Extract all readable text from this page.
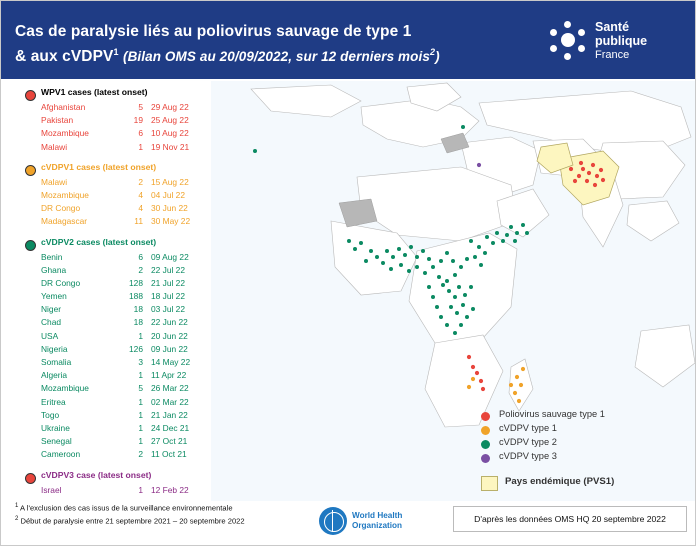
Cas de paralysie liés au poliovirus sauvage de type 1
& aux cVDPV$^1$ (Bilan OMS au 20/09/2022, sur 12 derniers mois$^2$)
Santé
publique
France
WPV1 cases (latest onset)
Afghanistan	5 29 Aug 22
Pakistan	19 25 Aug 22
Mozambique	6 10 Aug 22
Malawi	1 19 Nov 21
cVDPV1 cases (latest onset)
Malawi	2 15 Aug 22
Mozambique	4 04 Jul 22
DR Congo	4 30 Jun 22
Madagascar	11 30 May 22
cVDPV2 cases (latest onset)
Benin	6 09 Aug 22
Ghana	2 22 Jul 22
DR Congo	128 21 Jul 22
Yemen	188 18 Jul 22
Niger	18 03 Jul 22
Chad	18 22 Jun 22
USA	1 20 Jun 22
Nigeria	126 09 Jun 22
Somalia	3 14 May 22
Algeria	1 11 Apr 22
Mozambique	5 26 Mar 22
Eritrea	1 02 Mar 22
Togo	1 21 Jan 22
Ukraine	1 24 Dec 21
Senegal	1 27 Oct 21
Cameroon	2 11 Oct 21
cVDPV3 case (latest onset)
Israel	1 12 Feb 22
Poliovirus sauvage type 1
cVDPV type 1
cVDPV type 2
cVDPV type 3
Pays endémique (PVS1)
$^1$ A l'exclusion des cas issus de la surveillance environnementale
$^2$ Début de paralysie entre 21 septembre 2021 – 20 septembre 2022
World Health
Organization
D'après les données OMS HQ 20 septembre 2022
